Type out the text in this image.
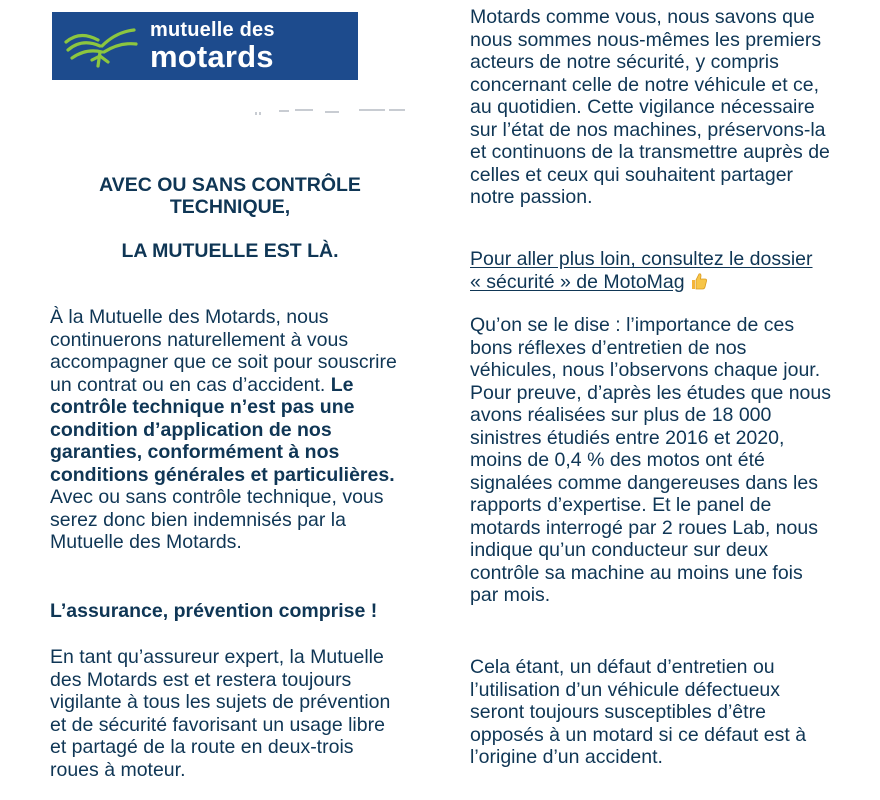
mutuelle des
motards
AVEC OU SANS CONTRÔLE TECHNIQUE,
LA MUTUELLE EST LÀ.

À la Mutuelle des Motards, nous continuerons naturellement à vous accompagner que ce soit pour souscrire un contrat ou en cas d’accident. Le contrôle technique n’est pas une condition d’application de nos garanties, conformément à nos conditions générales et particulières. Avec ou sans contrôle technique, vous serez donc bien indemnisés par la Mutuelle des Motards.

L’assurance, prévention comprise !

En tant qu’assureur expert, la Mutuelle des Motards est et restera toujours vigilante à tous les sujets de prévention et de sécurité favorisant un usage libre et partagé de la route en deux-trois roues à moteur.

Motards comme vous, nous savons que nous sommes nous-mêmes les premiers acteurs de notre sécurité, y compris concernant celle de notre véhicule et ce, au quotidien. Cette vigilance nécessaire sur l’état de nos machines, préservons-la et continuons de la transmettre auprès de celles et ceux qui souhaitent partager notre passion.

Pour aller plus loin, consultez le dossier « sécurité » de MotoMag

Qu’on se le dise : l’importance de ces bons réflexes d’entretien de nos véhicules, nous l’observons chaque jour. Pour preuve, d’après les études que nous avons réalisées sur plus de 18 000 sinistres étudiés entre 2016 et 2020, moins de 0,4 % des motos ont été signalées comme dangereuses dans les rapports d’expertise. Et le panel de motards interrogé par 2 roues Lab, nous indique qu’un conducteur sur deux contrôle sa machine au moins une fois par mois.

Cela étant, un défaut d’entretien ou l’utilisation d’un véhicule défectueux seront toujours susceptibles d’être opposés à un motard si ce défaut est à l’origine d’un accident.
